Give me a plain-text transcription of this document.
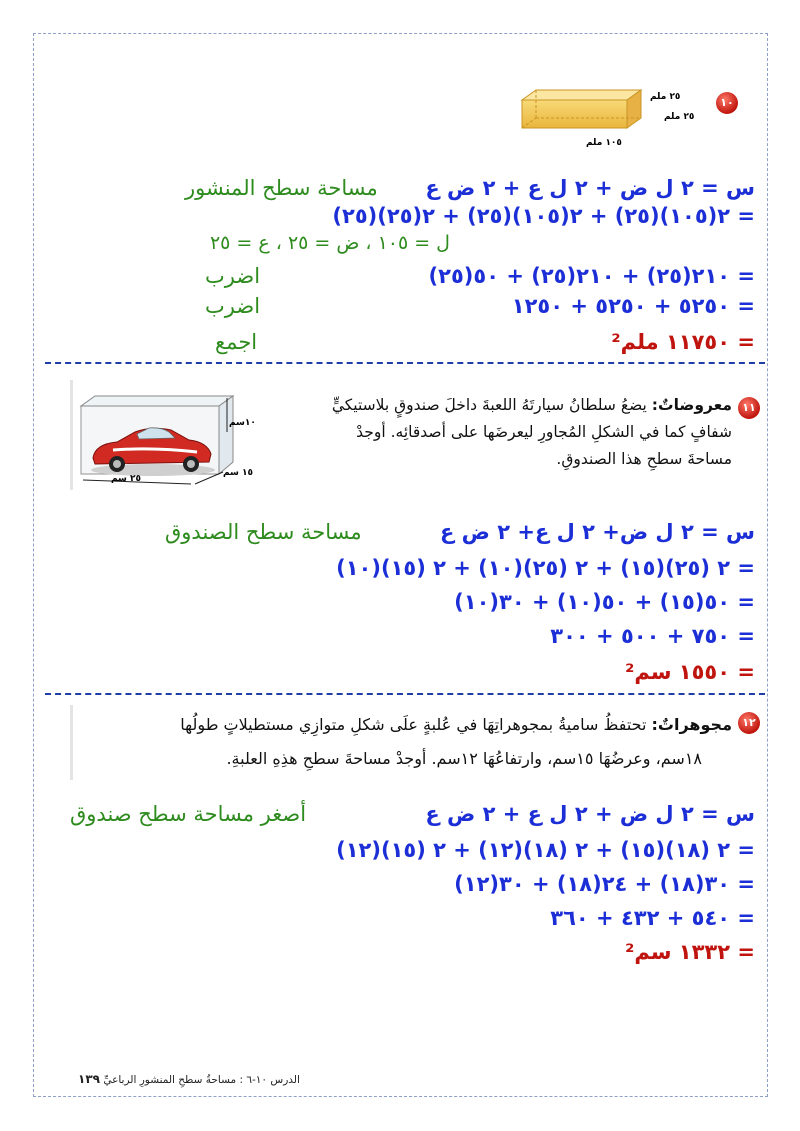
١٠
٢٥ ملم
٢٥ ملم
١٠٥ ملم
س = ٢ ل ض + ٢ ل ع + ٢ ض ع
مساحة سطح المنشور
= ٢(١٠٥)(٢٥) + ٢(١٠٥)(٢٥) + ٢(٢٥)(٢٥)
ل = ١٠٥ ، ض = ٢٥ ، ع = ٢٥
= ٢١٠(٢٥) + ٢١٠(٢٥) + ٥٠(٢٥)
اضرب
= ٥٢٥٠ + ٥٢٥٠ + ١٢٥٠
اضرب
= ١١٧٥٠ ملم²
اجمع
١١
معروضاتٌ: يضعُ سلطانُ سيارتَهُ اللعبةَ داخلَ صندوقٍ بلاستيكيٍّ
شفافٍ كما في الشكلِ المُجاورِ ليعرضَها على أصدقائِه. أوجدْ
مساحةَ سطحِ هذا الصندوقِ.
١٠سم
١٥ سم
٢٥ سم
س = ٢ ل ض+ ٢ ل ع+ ٢ ض ع
مساحة سطح الصندوق
= ٢ (٢٥)(١٥) + ٢ (٢٥)(١٠) + ٢ (١٥)(١٠)
= ٥٠(١٥) + ٥٠(١٠) + ٣٠(١٠)
= ٧٥٠ + ٥٠٠ + ٣٠٠
= ١٥٥٠ سم²
١٢
مجوهراتٌ: تحتفظُ ساميةُ بمجوهراتِهَا في عُلبةٍ علَى شكلِ متوازِي مستطيلاتٍ طولُها
١٨سم، وعرضُهَا ١٥سم، وارتفاعُهَا ١٢سم. أوجدْ مساحةَ سطحِ هذِهِ العلبةِ.
س = ٢ ل ض + ٢ ل ع + ٢ ض ع
أصغر مساحة سطح صندوق
= ٢ (١٨)(١٥) + ٢ (١٨)(١٢) + ٢ (١٥)(١٢)
= ٣٠(١٨) + ٢٤(١٨) + ٣٠(١٢)
= ٥٤٠ + ٤٣٢ + ٣٦٠
= ١٣٣٢ سم²
الدرس ١٠-٦ : مساحةُ سطحِ المنشورِ الرباعيِّ ١٣٩
